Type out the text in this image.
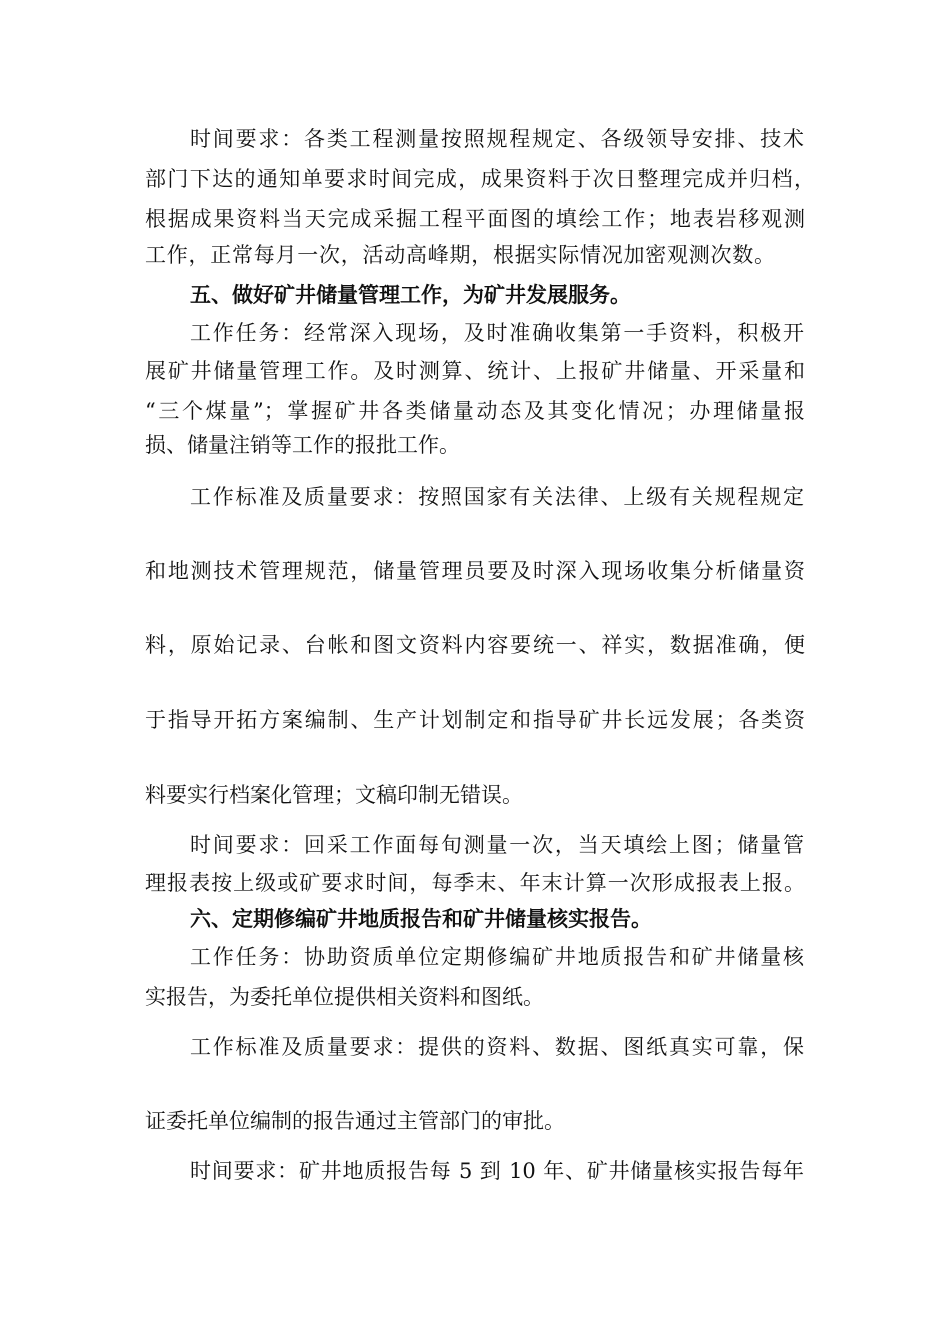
时间要求：各类工程测量按照规程规定、各级领导安排、技术

部门下达的通知单要求时间完成，成果资料于次日整理完成并归档，

根据成果资料当天完成采掘工程平面图的填绘工作；地表岩移观测

工作，正常每月一次，活动高峰期，根据实际情况加密观测次数。

五、做好矿井储量管理工作，为矿井发展服务。

工作任务：经常深入现场，及时准确收集第一手资料，积极开

展矿井储量管理工作。及时测算、统计、上报矿井储量、开采量和

“三个煤量”；掌握矿井各类储量动态及其变化情况；办理储量报

损、储量注销等工作的报批工作。

工作标准及质量要求：按照国家有关法律、上级有关规程规定

和地测技术管理规范，储量管理员要及时深入现场收集分析储量资

料，原始记录、台帐和图文资料内容要统一、祥实，数据准确，便

于指导开拓方案编制、生产计划制定和指导矿井长远发展；各类资

料要实行档案化管理；文稿印制无错误。

时间要求：回采工作面每旬测量一次，当天填绘上图；储量管

理报表按上级或矿要求时间，每季末、年末计算一次形成报表上报。

六、定期修编矿井地质报告和矿井储量核实报告。

工作任务：协助资质单位定期修编矿井地质报告和矿井储量核

实报告，为委托单位提供相关资料和图纸。

工作标准及质量要求：提供的资料、数据、图纸真实可靠，保

证委托单位编制的报告通过主管部门的审批。

时间要求：矿井地质报告每 5 到 10 年、矿井储量核实报告每年
